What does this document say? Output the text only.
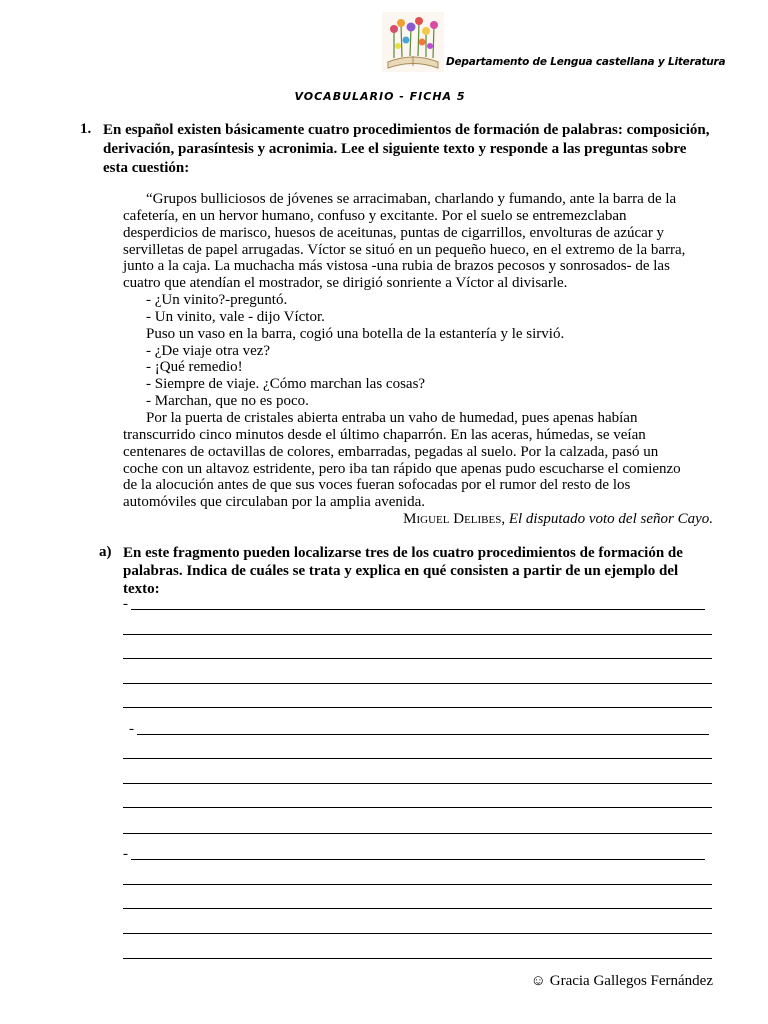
Departamento de Lengua castellana y Literatura
VOCABULARIO - FICHA 5
1. En español existen básicamente cuatro procedimientos de formación de palabras: composición, derivación, parasíntesis y acronimia. Lee el siguiente texto y responde a las preguntas sobre esta cuestión:
“Grupos bulliciosos de jóvenes se arracimaban, charlando y fumando, ante la barra de la
cafetería, en un hervor humano, confuso y excitante. Por el suelo se entremezclaban
desperdicios de marisco, huesos de aceitunas, puntas de cigarrillos, envolturas de azúcar y
servilletas de papel arrugadas. Víctor se situó en un pequeño hueco, en el extremo de la barra,
junto a la caja. La muchacha más vistosa -una rubia de brazos pecosos y sonrosados- de las
cuatro que atendían el mostrador, se dirigió sonriente a Víctor al divisarle.
- ¿Un vinito?-preguntó.
- Un vinito, vale - dijo Víctor.
Puso un vaso en la barra, cogió una botella de la estantería y le sirvió.
- ¿De viaje otra vez?
- ¡Qué remedio!
- Siempre de viaje. ¿Cómo marchan las cosas?
- Marchan, que no es poco.
Por la puerta de cristales abierta entraba un vaho de humedad, pues apenas habían
transcurrido cinco minutos desde el último chaparrón. En las aceras, húmedas, se veían
centenares de octavillas de colores, embarradas, pegadas al suelo. Por la calzada, pasó un
coche con un altavoz estridente, pero iba tan rápido que apenas pudo escucharse el comienzo
de la alocución antes de que sus voces fueran sofocadas por el rumor del resto de los
automóviles que circulaban por la amplia avenida.
Miguel Delibes, El disputado voto del señor Cayo.
a) En este fragmento pueden localizarse tres de los cuatro procedimientos de formación de palabras. Indica de cuáles se trata y explica en qué consisten a partir de un ejemplo del texto:
-
-
-
☺ Gracia Gallegos Fernández
